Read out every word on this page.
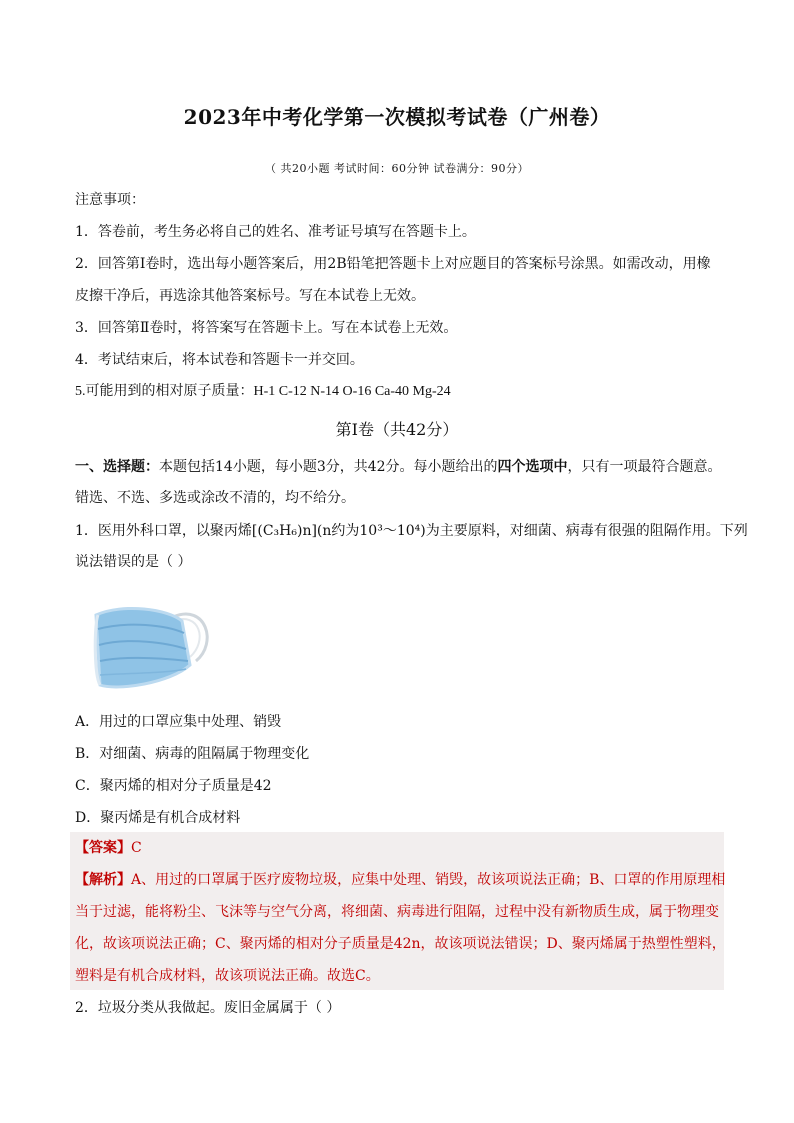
2023年中考化学第一次模拟考试卷（广州卷）
（ 共20小题 考试时间：60分钟 试卷满分：90分）
注意事项：
1．答卷前，考生务必将自己的姓名、准考证号填写在答题卡上。
2．回答第Ⅰ卷时，选出每小题答案后，用2B铅笔把答题卡上对应题目的答案标号涂黑。如需改动，用橡
皮擦干净后，再选涂其他答案标号。写在本试卷上无效。
3．回答第Ⅱ卷时，将答案写在答题卡上。写在本试卷上无效。
4．考试结束后，将本试卷和答题卡一并交回。
5.可能用到的相对原子质量：H-1 C-12 N-14 O-16 Ca-40 Mg-24
第Ⅰ卷（共42分）
一、选择题：本题包括14小题，每小题3分，共42分。每小题给出的四个选项中，只有一项最符合题意。
错选、不选、多选或涂改不清的，均不给分。
1．医用外科口罩，以聚丙烯[(C₃H₆)n](n约为10³～10⁴)为主要原料，对细菌、病毒有很强的阻隔作用。下列
说法错误的是（ ）
A．用过的口罩应集中处理、销毁
B．对细菌、病毒的阻隔属于物理变化
C．聚丙烯的相对分子质量是42
D．聚丙烯是有机合成材料
【答案】C
【解析】A、用过的口罩属于医疗废物垃圾，应集中处理、销毁，故该项说法正确；B、口罩的作用原理相
当于过滤，能将粉尘、飞沫等与空气分离，将细菌、病毒进行阻隔，过程中没有新物质生成，属于物理变
化，故该项说法正确；C、聚丙烯的相对分子质量是42n，故该项说法错误；D、聚丙烯属于热塑性塑料，
塑料是有机合成材料，故该项说法正确。故选C。
2．垃圾分类从我做起。废旧金属属于（ ）
